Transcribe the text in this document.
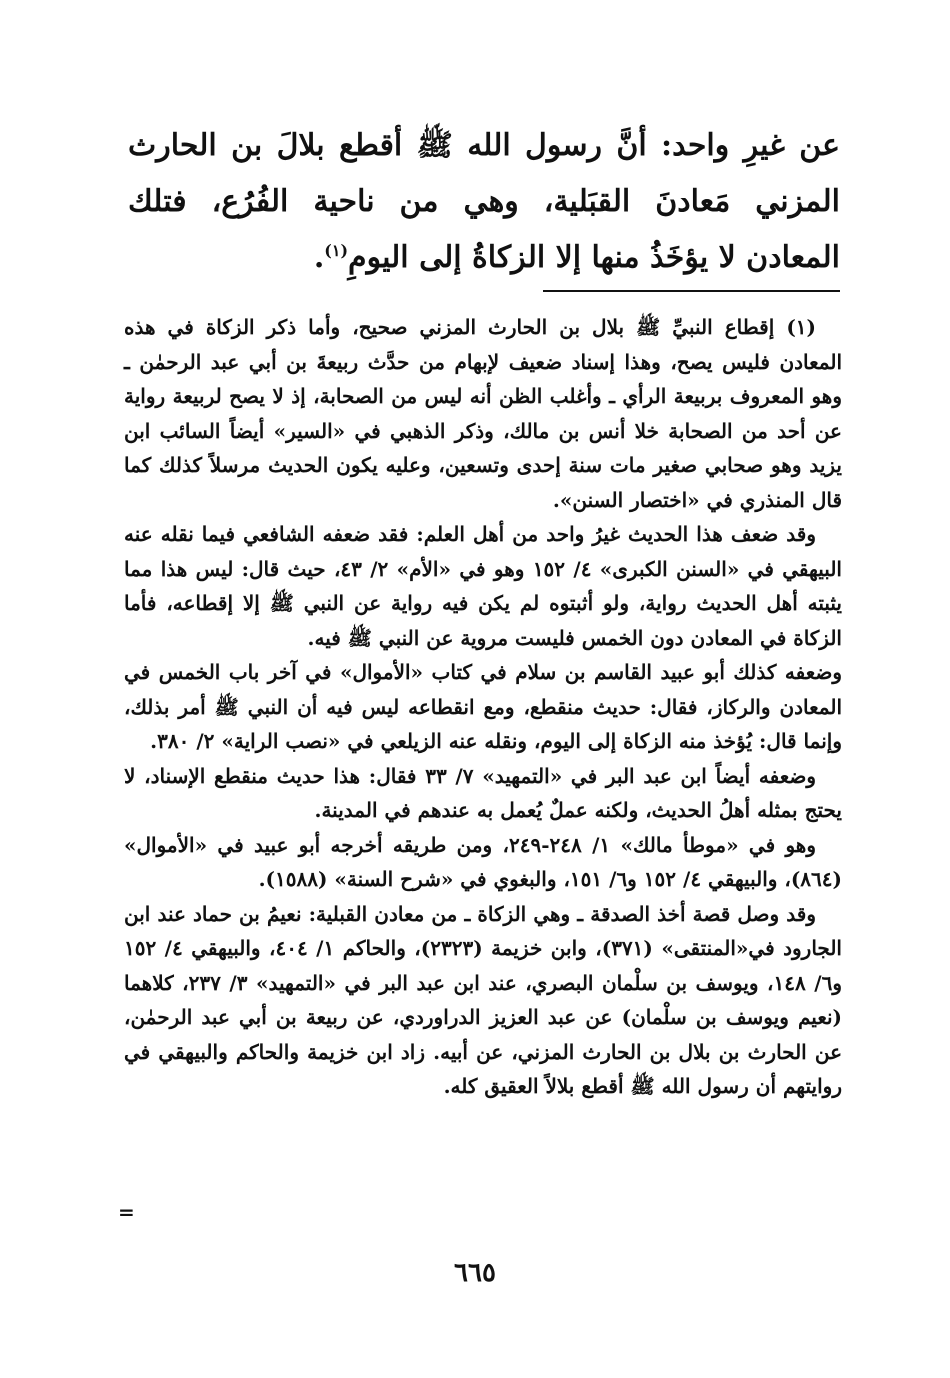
عن غيرِ واحد: أنَّ رسول الله ﷺ أقطع بلالَ بن الحارث المزني مَعادنَ القبَلية، وهي من ناحية الفُرُع، فتلك المعادن لا يؤخَذُ منها إلا الزكاةُ إلى اليومِ$^{(١)}$.

(١) إقطاع النبيِّ ﷺ بلال بن الحارث المزني صحيح، وأما ذكر الزكاة في هذه المعادن فليس يصح، وهذا إسناد ضعيف لإبهام من حدَّث ربيعةَ بن أبي عبد الرحمٰن ـ وهو المعروف بربيعة الرأي ـ وأغلب الظن أنه ليس من الصحابة، إذ لا يصح لربيعة رواية عن أحد من الصحابة خلا أنس بن مالك، وذكر الذهبي في «السير» أيضاً السائب ابن يزيد وهو صحابي صغير مات سنة إحدى وتسعين، وعليه يكون الحديث مرسلاً كذلك كما قال المنذري في «اختصار السنن».

وقد ضعف هذا الحديث غيرُ واحد من أهل العلم: فقد ضعفه الشافعي فيما نقله عنه البيهقي في «السنن الكبرى» ٤/ ١٥٢ وهو في «الأم» ٢/ ٤٣، حيث قال: ليس هذا مما يثبته أهل الحديث رواية، ولو أثبتوه لم يكن فيه رواية عن النبي ﷺ إلا إقطاعه، فأما الزكاة في المعادن دون الخمس فليست مروية عن النبي ﷺ فيه.

وضعفه كذلك أبو عبيد القاسم بن سلام في كتاب «الأموال» في آخر باب الخمس في المعادن والركاز، فقال: حديث منقطع، ومع انقطاعه ليس فيه أن النبي ﷺ أمر بذلك، وإنما قال: يُؤخذ منه الزكاة إلى اليوم، ونقله عنه الزيلعي في «نصب الراية» ٢/ ٣٨٠.

وضعفه أيضاً ابن عبد البر في «التمهيد» ٧/ ٣٣ فقال: هذا حديث منقطع الإسناد، لا يحتج بمثله أهلُ الحديث، ولكنه عملٌ يُعمل به عندهم في المدينة.

وهو في «موطأ مالك» ١/ ٢٤٨-٢٤٩، ومن طريقه أخرجه أبو عبيد في «الأموال» (٨٦٤)، والبيهقي ٤/ ١٥٢ و٦/ ١٥١، والبغوي في «شرح السنة» (١٥٨٨).

وقد وصل قصة أخذ الصدقة ـ وهي الزكاة ـ من معادن القبلية: نعيمُ بن حماد عند ابن الجارود في«المنتقى» (٣٧١)، وابن خزيمة (٢٣٢٣)، والحاكم ١/ ٤٠٤، والبيهقي ٤/ ١٥٢ و٦/ ١٤٨، ويوسف بن سلْمان البصري، عند ابن عبد البر في «التمهيد» ٣/ ٢٣٧، كلاهما (نعيم ويوسف بن سلْمان) عن عبد العزيز الدراوردي، عن ربيعة بن أبي عبد الرحمٰن، عن الحارث بن بلال بن الحارث المزني، عن أبيه. زاد ابن خزيمة والحاكم والبيهقي في روايتهم أن رسول الله ﷺ أقطع بلالاً العقيق كله.

=
٦٦٥
